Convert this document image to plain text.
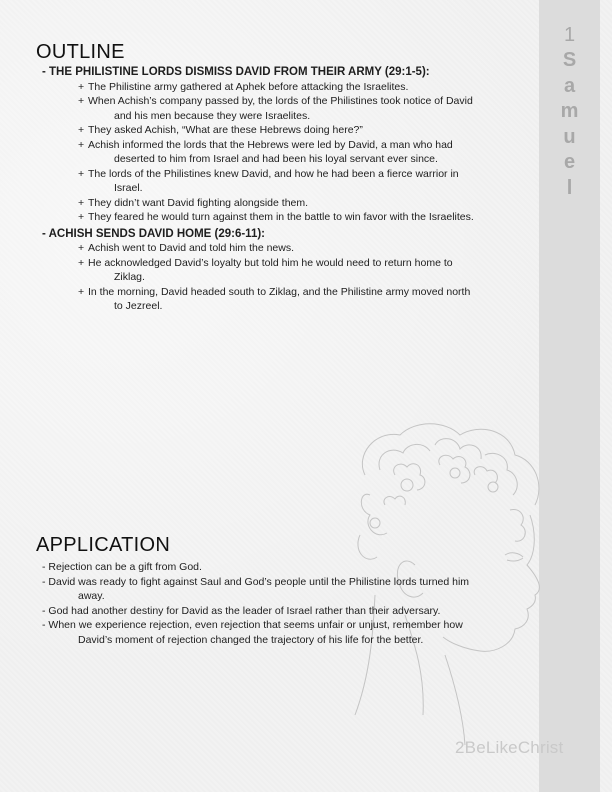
1
S
a
m
u
e
l
OUTLINE
- THE PHILISTINE LORDS DISMISS DAVID FROM THEIR ARMY (29:1-5):
+ The Philistine army gathered at Aphek before attacking the Israelites.
+ When Achish’s company passed by, the lords of the Philistines took notice of David
and his men because they were Israelites.
+ They asked Achish, “What are these Hebrews doing here?”
+ Achish informed the lords that the Hebrews were led by David, a man who had
deserted to him from Israel and had been his loyal servant ever since.
+ The lords of the Philistines knew David, and how he had been a fierce warrior in
Israel.
+ They didn’t want David fighting alongside them.
+ They feared he would turn against them in the battle to win favor with the Israelites.
- ACHISH SENDS DAVID HOME (29:6-11):
+ Achish went to David and told him the news.
+ He acknowledged David’s loyalty but told him he would need to return home to
Ziklag.
+ In the morning, David headed south to Ziklag, and the Philistine army moved north
to Jezreel.
APPLICATION
- Rejection can be a gift from God.
- David was ready to fight against Saul and God’s people until the Philistine lords turned him
away.
- God had another destiny for David as the leader of Israel rather than their adversary.
- When we experience rejection, even rejection that seems unfair or unjust, remember how
David’s moment of rejection changed the trajectory of his life for the better.
2BeLikeChrist
